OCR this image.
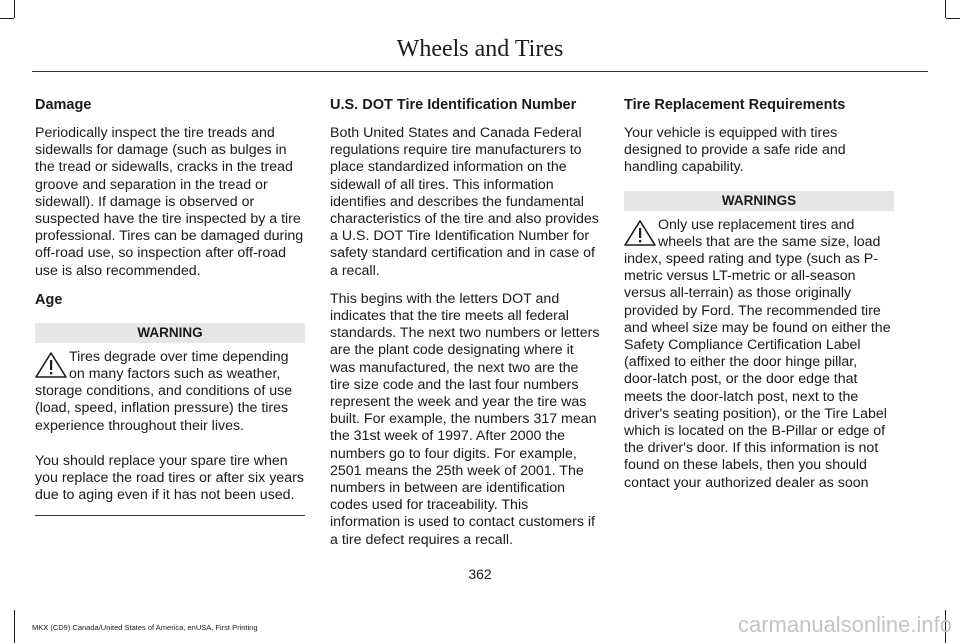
Wheels and Tires
Damage

Periodically inspect the tire treads and sidewalls for damage (such as bulges in the tread or sidewalls, cracks in the tread groove and separation in the tread or sidewall). If damage is observed or suspected have the tire inspected by a tire professional. Tires can be damaged during off-road use, so inspection after off-road use is also recommended.

Age
WARNING

Tires degrade over time depending on many factors such as weather, storage conditions, and conditions of use (load, speed, inflation pressure) the tires experience throughout their lives.

You should replace your spare tire when you replace the road tires or after six years due to aging even if it has not been used.

U.S. DOT Tire Identification Number

Both United States and Canada Federal regulations require tire manufacturers to place standardized information on the sidewall of all tires. This information identifies and describes the fundamental characteristics of the tire and also provides a U.S. DOT Tire Identification Number for safety standard certification and in case of a recall.

This begins with the letters DOT and indicates that the tire meets all federal standards. The next two numbers or letters are the plant code designating where it was manufactured, the next two are the tire size code and the last four numbers represent the week and year the tire was built. For example, the numbers 317 mean the 31st week of 1997. After 2000 the numbers go to four digits. For example, 2501 means the 25th week of 2001. The numbers in between are identification codes used for traceability. This information is used to contact customers if a tire defect requires a recall.

Tire Replacement Requirements

Your vehicle is equipped with tires designed to provide a safe ride and handling capability.

WARNINGS

Only use replacement tires and wheels that are the same size, load index, speed rating and type (such as P-metric versus LT-metric or all-season versus all-terrain) as those originally provided by Ford. The recommended tire and wheel size may be found on either the Safety Compliance Certification Label (affixed to either the door hinge pillar, door-latch post, or the door edge that meets the door-latch post, next to the driver's seating position), or the Tire Label which is located on the B-Pillar or edge of the driver's door. If this information is not found on these labels, then you should contact your authorized dealer as soon

362
MKX (CD9) Canada/United States of America, enUSA, First Printing	carmanualsonline.info
